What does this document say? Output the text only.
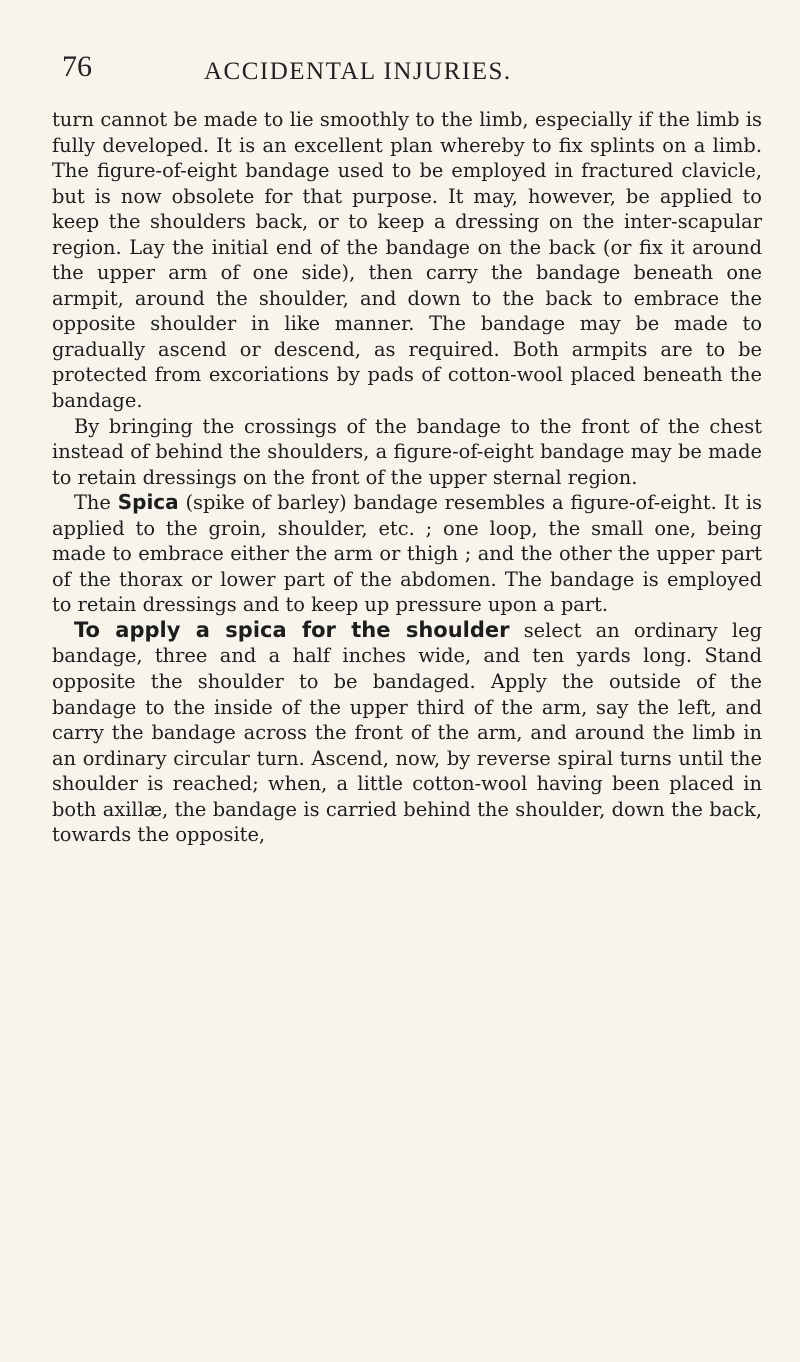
76	ACCIDENTAL INJURIES.

turn cannot be made to lie smoothly to the limb, especially if the limb is fully developed. It is an excellent plan whereby to fix splints on a limb. The figure-of-eight bandage used to be employed in fractured clavicle, but is now obsolete for that purpose. It may, however, be applied to keep the shoulders back, or to keep a dressing on the inter-scapular region. Lay the initial end of the bandage on the back (or fix it around the upper arm of one side), then carry the bandage beneath one armpit, around the shoulder, and down to the back to embrace the opposite shoulder in like manner. The bandage may be made to gradually ascend or descend, as required. Both armpits are to be protected from excoriations by pads of cotton-wool placed beneath the bandage.

By bringing the crossings of the bandage to the front of the chest instead of behind the shoulders, a figure-of-eight bandage may be made to retain dressings on the front of the upper sternal region.

The Spica (spike of barley) bandage resembles a figure-of-eight. It is applied to the groin, shoulder, etc. ; one loop, the small one, being made to embrace either the arm or thigh ; and the other the upper part of the thorax or lower part of the abdomen. The bandage is employed to retain dressings and to keep up pressure upon a part.

To apply a spica for the shoulder select an ordinary leg bandage, three and a half inches wide, and ten yards long. Stand opposite the shoulder to be bandaged. Apply the outside of the bandage to the inside of the upper third of the arm, say the left, and carry the bandage across the front of the arm, and around the limb in an ordinary circular turn. Ascend, now, by reverse spiral turns until the shoulder is reached; when, a little cotton-wool having been placed in both axillæ, the bandage is carried behind the shoulder, down the back, towards the opposite,
